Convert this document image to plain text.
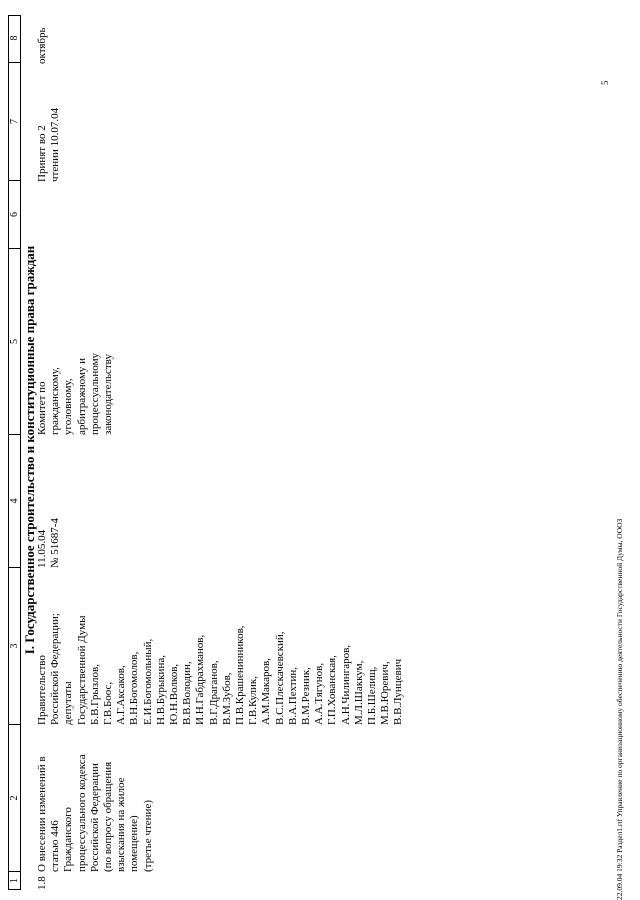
1
2
3
4
5
6
7
8
I. Государственное строительство и конституционные права граждан
1.8
О внесении изменений в
статью 446
Гражданского
процессуального кодекса
Российской Федерации
(по вопросу обращения
взыскания на жилое
помещение)
(третье чтение)
Правительство
Российской Федерации;
депутаты
Государственной Думы
Б.В.Грызлов,
Г.В.Боос,
А.Г.Аксаков,
В.Н.Богомолов,
Е.И.Богомольный,
Н.В.Бурыкина,
Ю.Н.Волков,
В.В.Володин,
И.Н.Габдрахманов,
В.Г.Драганов,
В.М.Зубов,
П.В.Крашенинников,
Г.В.Кулик,
А.М.Макаров,
В.С.Плескачевский,
В.А.Пехтин,
В.М.Резник,
А.А.Тягунов,
Г.П.Хованская,
А.Н.Чилингаров,
М.Л.Шаккум,
П.Б.Шелищ,
М.В.Юревич,
В.В.Лунцевич
11.05.04
№ 51687-4
Комитет по
гражданскому,
уголовному,
арбитражному и
процессуальному
законодательству
Принят во 2
чтении 10.07.04
октябрь
22.09.04 19:32 Раздел1.rtf Управление по организационному обеспечению деятельности Государственной Думы, ОООЗ
5
